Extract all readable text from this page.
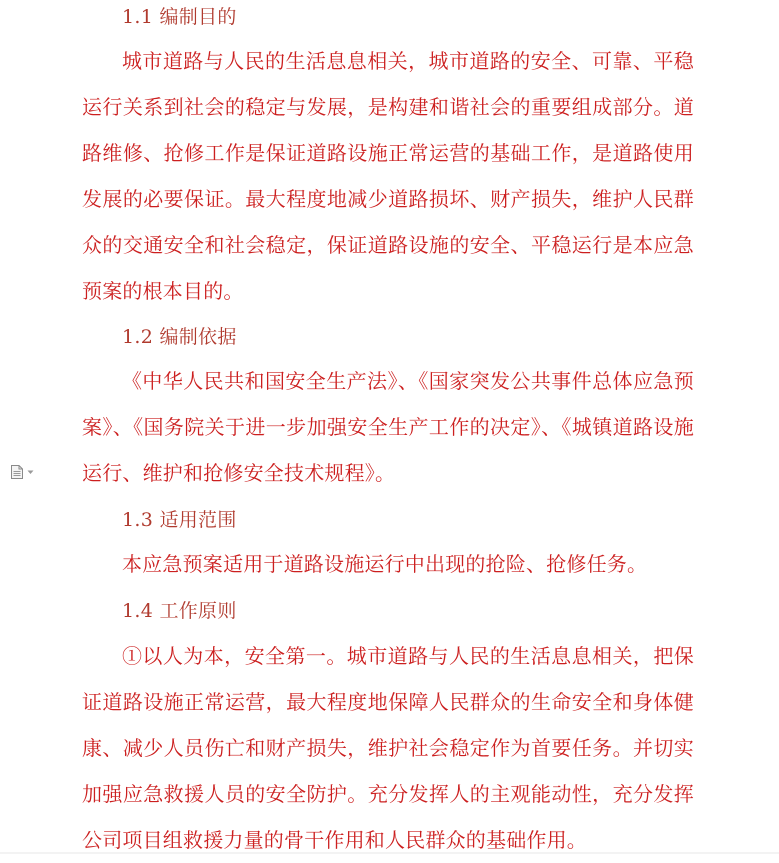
1.1 编制目的

城市道路与人民的生活息息相关，城市道路的安全、可靠、平稳运行关系到社会的稳定与发展，是构建和谐社会的重要组成部分。道路维修、抢修工作是保证道路设施正常运营的基础工作，是道路使用发展的必要保证。最大程度地减少道路损坏、财产损失，维护人民群众的交通安全和社会稳定，保证道路设施的安全、平稳运行是本应急预案的根本目的。

1.2 编制依据

《中华人民共和国安全生产法》、《国家突发公共事件总体应急预案》、《国务院关于进一步加强安全生产工作的决定》、《城镇道路设施运行、维护和抢修安全技术规程》。

1.3 适用范围

本应急预案适用于道路设施运行中出现的抢险、抢修任务。

1.4 工作原则

①以人为本，安全第一。城市道路与人民的生活息息相关，把保证道路设施正常运营，最大程度地保障人民群众的生命安全和身体健康、减少人员伤亡和财产损失，维护社会稳定作为首要任务。并切实加强应急救援人员的安全防护。充分发挥人的主观能动性，充分发挥公司项目组救援力量的骨干作用和人民群众的基础作用。
